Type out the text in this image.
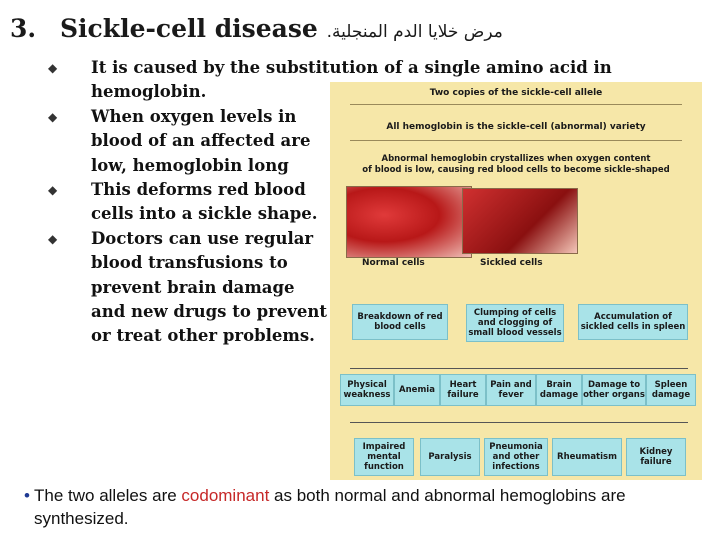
3. Sickle-cell disease .مرض خلايا الدم المنجلية
◆ It is caused by the substitution of a single amino acid in hemoglobin.
◆ When oxygen levels in blood of an affected are low, hemoglobin long
◆ This deforms red blood cells into a sickle shape.
◆ Doctors can use regular blood transfusions to prevent brain damage and new drugs to prevent or treat other problems.
Two copies of the sickle-cell allele
All hemoglobin is the sickle-cell (abnormal) variety
Abnormal hemoglobin crystallizes when oxygen content
of blood is low, causing red blood cells to become sickle-shaped
Normal cells	Sickled cells
Breakdown of red blood cells
Clumping of cells and clogging of small blood vessels
Accumulation of sickled cells in spleen
Physical weakness	Anemia	Heart failure
Pain and fever
Brain damage
Damage to other organs
Spleen damage
Impaired mental function
Paralysis
Pneumonia and other infections
Rheumatism	Kidney failure
• The two alleles are codominant as both normal and abnormal hemoglobins are synthesized.
